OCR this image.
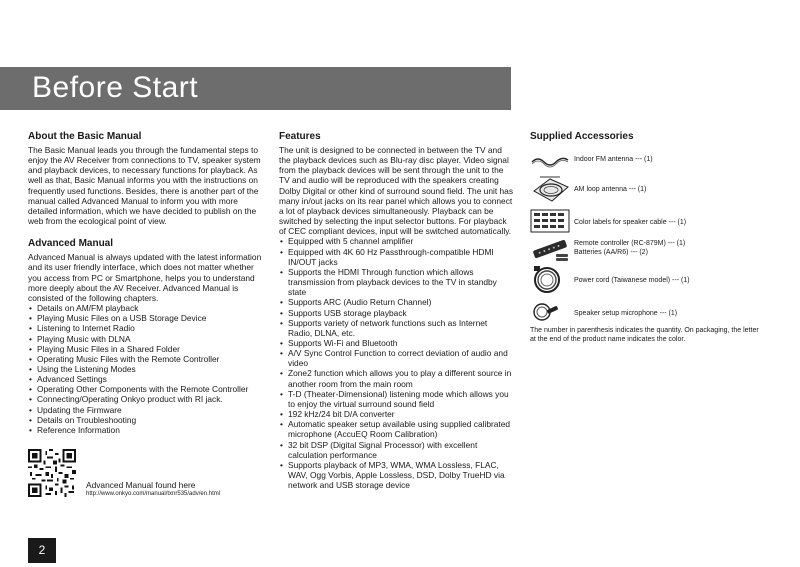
Before Start
About the Basic Manual

The Basic Manual leads you through the fundamental steps to enjoy the AV Receiver from connections to TV, speaker system and playback devices, to necessary functions for playback. As well as that, Basic Manual informs you with the instructions on frequently used functions. Besides, there is another part of the manual called Advanced Manual to inform you with more detailed information, which we have decided to publish on the web from the ecological point of view.

Advanced Manual

Advanced Manual is always updated with the latest information and its user friendly interface, which does not matter whether you access from PC or Smartphone, helps you to understand more deeply about the AV Receiver. Advanced Manual is consisted of the following chapters.

• Details on AM/FM playback
• Playing Music Files on a USB Storage Device
• Listening to Internet Radio
• Playing Music with DLNA
• Playing Music Files in a Shared Folder
• Operating Music Files with the Remote Controller
• Using the Listening Modes
• Advanced Settings
• Operating Other Components with the Remote Controller
• Connecting/Operating Onkyo product with RI jack.
• Updating the Firmware
• Details on Troubleshooting
• Reference Information
Advanced Manual found here
http://www.onkyo.com/manual/txnr535/adv/en.html
Features

The unit is designed to be connected in between the TV and the playback devices such as Blu-ray disc player. Video signal from the playback devices will be sent through the unit to the TV and audio will be reproduced with the speakers creating Dolby Digital or other kind of surround sound field. The unit has many in/out jacks on its rear panel which allows you to connect a lot of playback devices simultaneously. Playback can be switched by selecting the input selector buttons. For playback of CEC compliant devices, input will be switched automatically.

• Equipped with 5 channel amplifier
• Equipped with 4K 60 Hz Passthrough-compatible HDMI IN/OUT jacks
• Supports the HDMI Through function which allows transmission from playback devices to the TV in standby state
• Supports ARC (Audio Return Channel)
• Supports USB storage playback
• Supports variety of network functions such as Internet Radio, DLNA, etc.
• Supports Wi-Fi and Bluetooth
• A/V Sync Control Function to correct deviation of audio and video
• Zone2 function which allows you to play a different source in another room from the main room
• T-D (Theater-Dimensional) listening mode which allows you to enjoy the virtual surround sound field
• 192 kHz/24 bit D/A converter
• Automatic speaker setup available using supplied calibrated microphone (AccuEQ Room Calibration)
• 32 bit DSP (Digital Signal Processor) with excellent calculation performance
• Supports playback of MP3, WMA, WMA Lossless, FLAC, WAV, Ogg Vorbis, Apple Lossless, DSD, Dolby TrueHD via network and USB storage device
Supplied Accessories
Indoor FM antenna --- (1)
AM loop antenna --- (1)
Color labels for speaker cable --- (1)
Remote controller (RC-879M) --- (1)
Batteries (AA/R6) --- (2)
Power cord (Taiwanese model) --- (1)
Speaker setup microphone --- (1)

The number in parenthesis indicates the quantity. On packaging, the letter at the end of the product name indicates the color.

2
